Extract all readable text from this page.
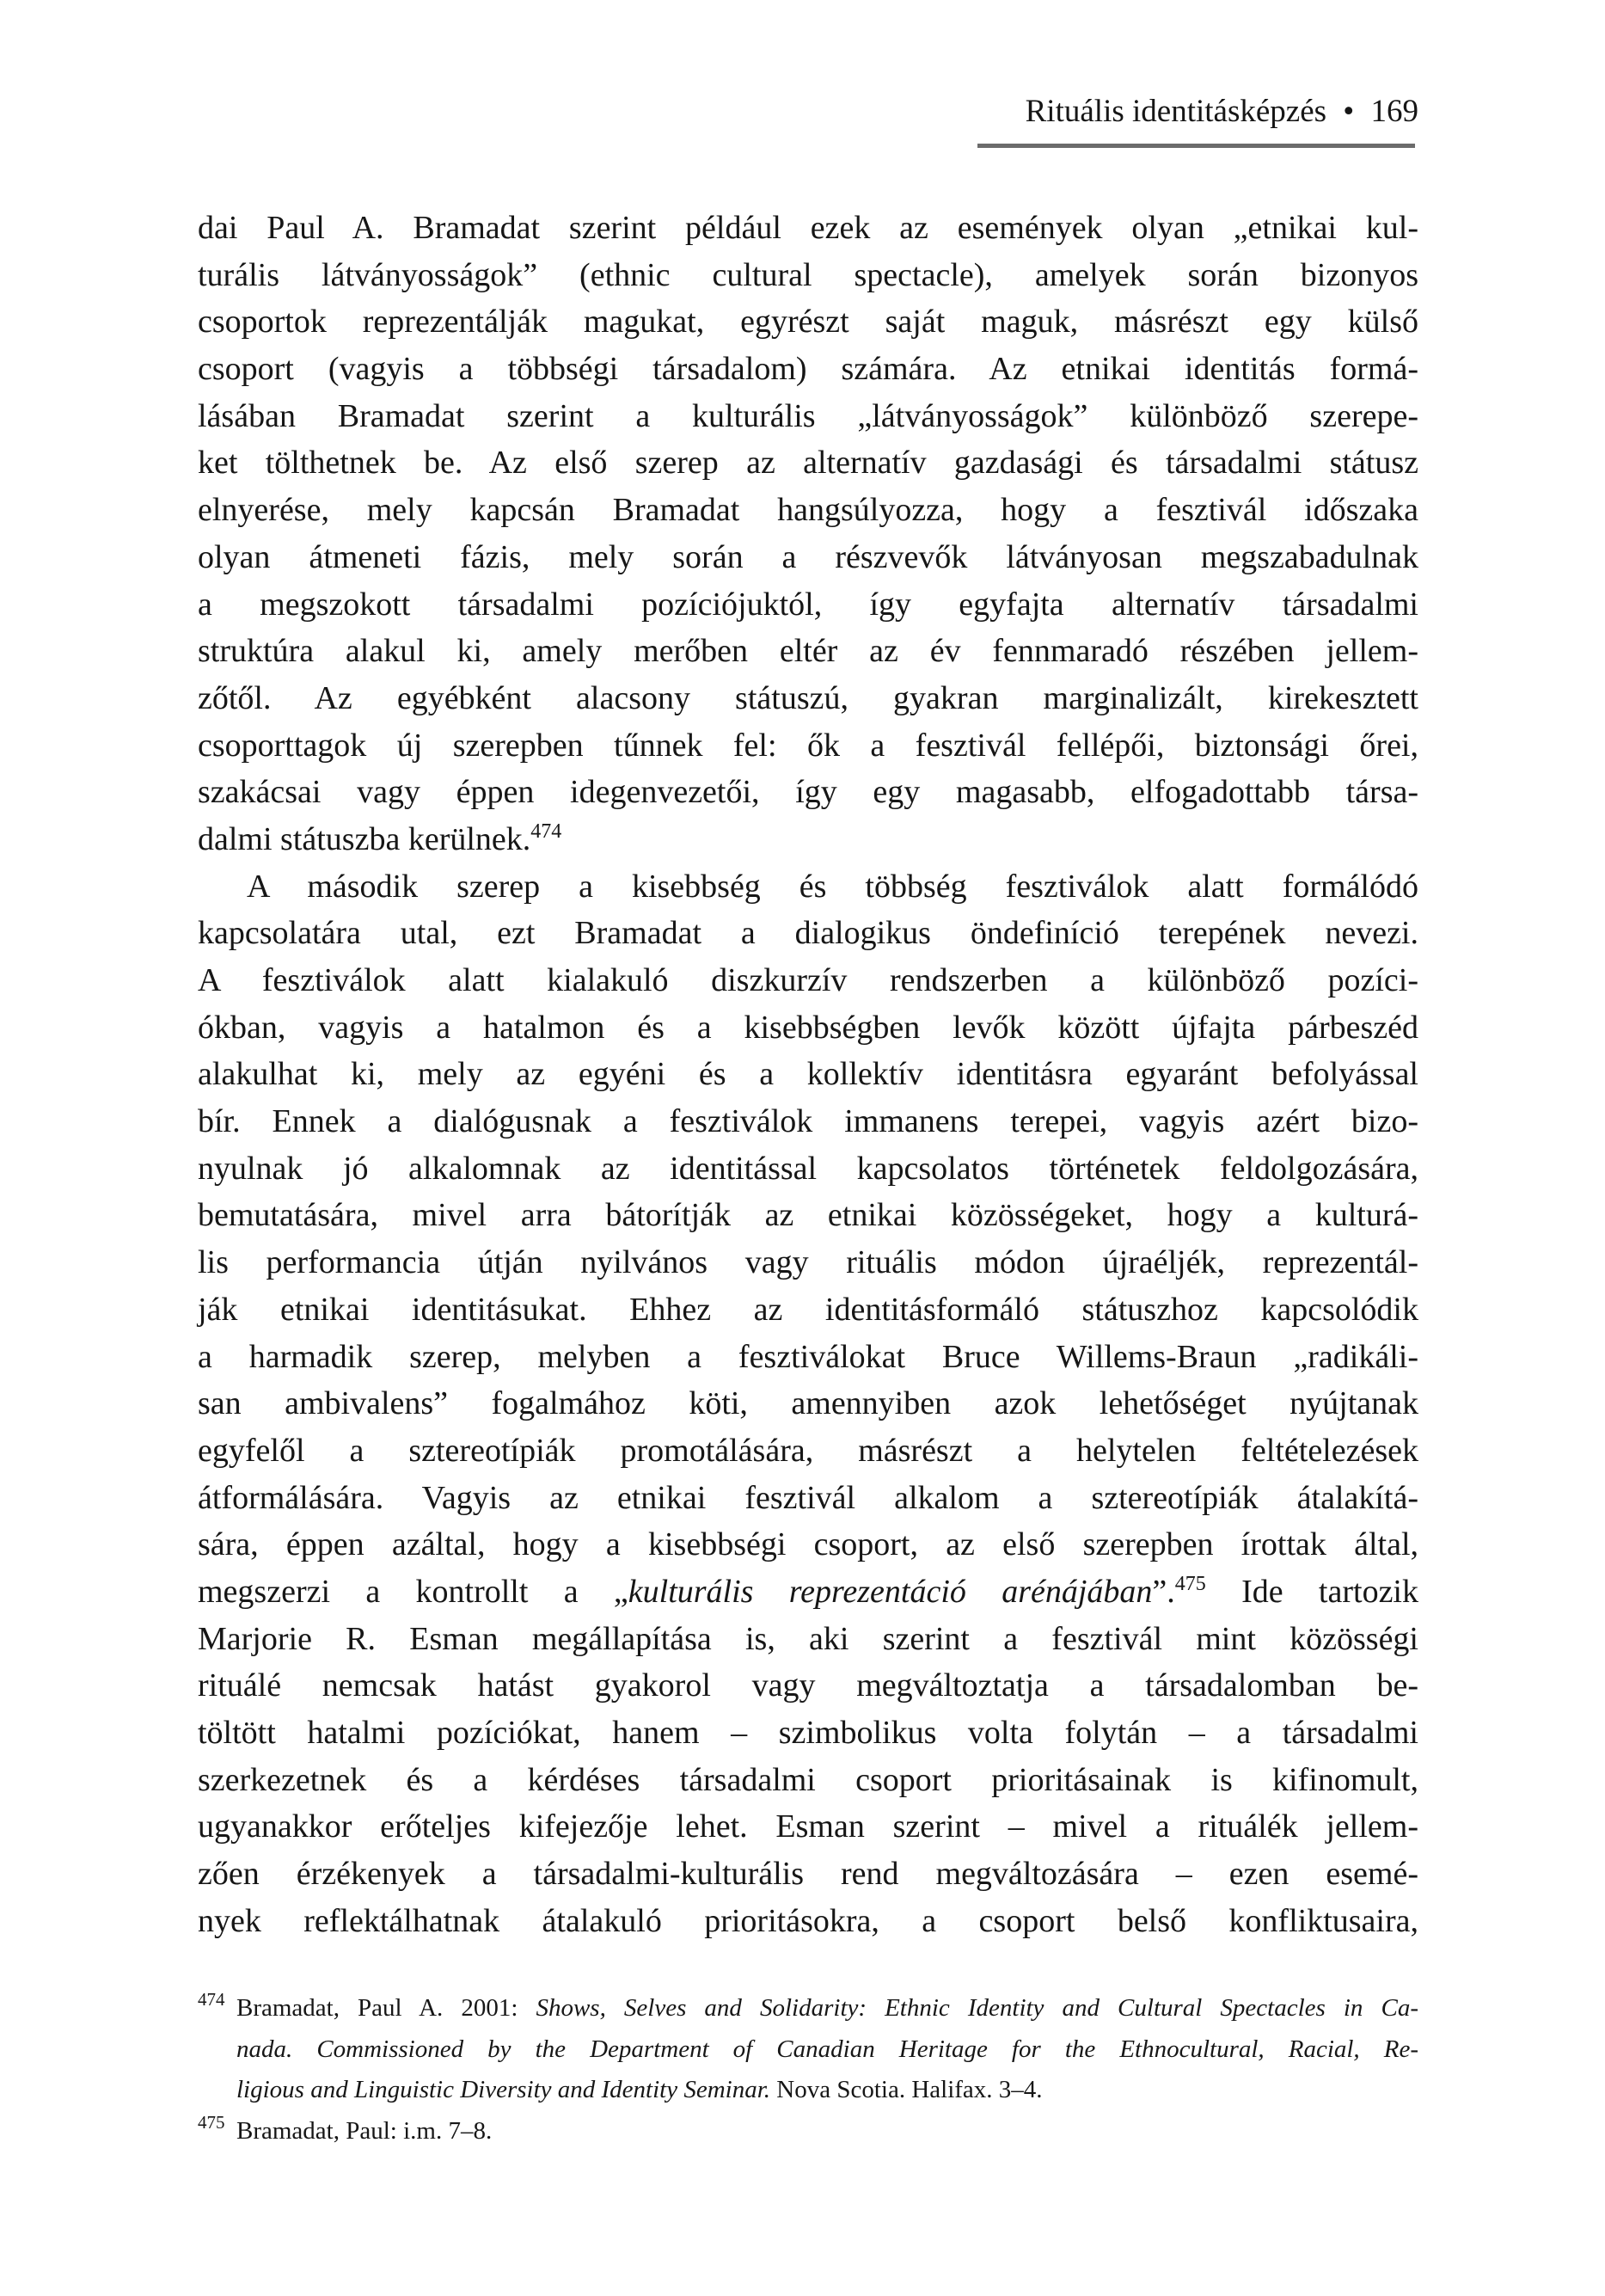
Rituális identitásképzés • 169
dai Paul A. Bramadat szerint például ezek az események olyan „etnikai kul-
turális látványosságok” (ethnic cultural spectacle), amelyek során bizonyos
csoportok reprezentálják magukat, egyrészt saját maguk, másrészt egy külső
csoport (vagyis a többségi társadalom) számára. Az etnikai identitás formá-
lásában Bramadat szerint a kulturális „látványosságok” különböző szerepe-
ket tölthetnek be. Az első szerep az alternatív gazdasági és társadalmi státusz
elnyerése, mely kapcsán Bramadat hangsúlyozza, hogy a fesztivál időszaka
olyan átmeneti fázis, mely során a részvevők látványosan megszabadulnak
a megszokott társadalmi pozíciójuktól, így egyfajta alternatív társadalmi
struktúra alakul ki, amely merőben eltér az év fennmaradó részében jellem-
zőtől. Az egyébként alacsony státuszú, gyakran marginalizált, kirekesztett
csoporttagok új szerepben tűnnek fel: ők a fesztivál fellépői, biztonsági őrei,
szakácsai vagy éppen idegenvezetői, így egy magasabb, elfogadottabb társa-
dalmi státuszba kerülnek.$^{474}$
A második szerep a kisebbség és többség fesztiválok alatt formálódó
kapcsolatára utal, ezt Bramadat a dialogikus öndefiníció terepének nevezi.
A fesztiválok alatt kialakuló diszkurzív rendszerben a különböző pozíci-
ókban, vagyis a hatalmon és a kisebbségben levők között újfajta párbeszéd
alakulhat ki, mely az egyéni és a kollektív identitásra egyaránt befolyással
bír. Ennek a dialógusnak a fesztiválok immanens terepei, vagyis azért bizo-
nyulnak jó alkalomnak az identitással kapcsolatos történetek feldolgozására,
bemutatására, mivel arra bátorítják az etnikai közösségeket, hogy a kulturá-
lis performancia útján nyilvános vagy rituális módon újraéljék, reprezentál-
ják etnikai identitásukat. Ehhez az identitásformáló státuszhoz kapcsolódik
a harmadik szerep, melyben a fesztiválokat Bruce Willems-Braun „radikáli-
san ambivalens” fogalmához köti, amennyiben azok lehetőséget nyújtanak
egyfelől a sztereotípiák promotálására, másrészt a helytelen feltételezések
átformálására. Vagyis az etnikai fesztivál alkalom a sztereotípiák átalakítá-
sára, éppen azáltal, hogy a kisebbségi csoport, az első szerepben írottak által,
megszerzi a kontrollt a „kulturális reprezentáció arénájában”.$^{475}$ Ide tartozik
Marjorie R. Esman megállapítása is, aki szerint a fesztivál mint közösségi
rituálé nemcsak hatást gyakorol vagy megváltoztatja a társadalomban be-
töltött hatalmi pozíciókat, hanem – szimbolikus volta folytán – a társadalmi
szerkezetnek és a kérdéses társadalmi csoport prioritásainak is kifinomult,
ugyanakkor erőteljes kifejezője lehet. Esman szerint – mivel a rituálék jellem-
zően érzékenyek a társadalmi-kulturális rend megváltozására – ezen esemé-
nyek reflektálhatnak átalakuló prioritásokra, a csoport belső konfliktusaira,
474 Bramadat, Paul A. 2001: Shows, Selves and Solidarity: Ethnic Identity and Cultural Spectacles in Ca-
nada. Commissioned by the Department of Canadian Heritage for the Ethnocultural, Racial, Re-
ligious and Linguistic Diversity and Identity Seminar. Nova Scotia. Halifax. 3–4.
475 Bramadat, Paul: i.m. 7–8.
